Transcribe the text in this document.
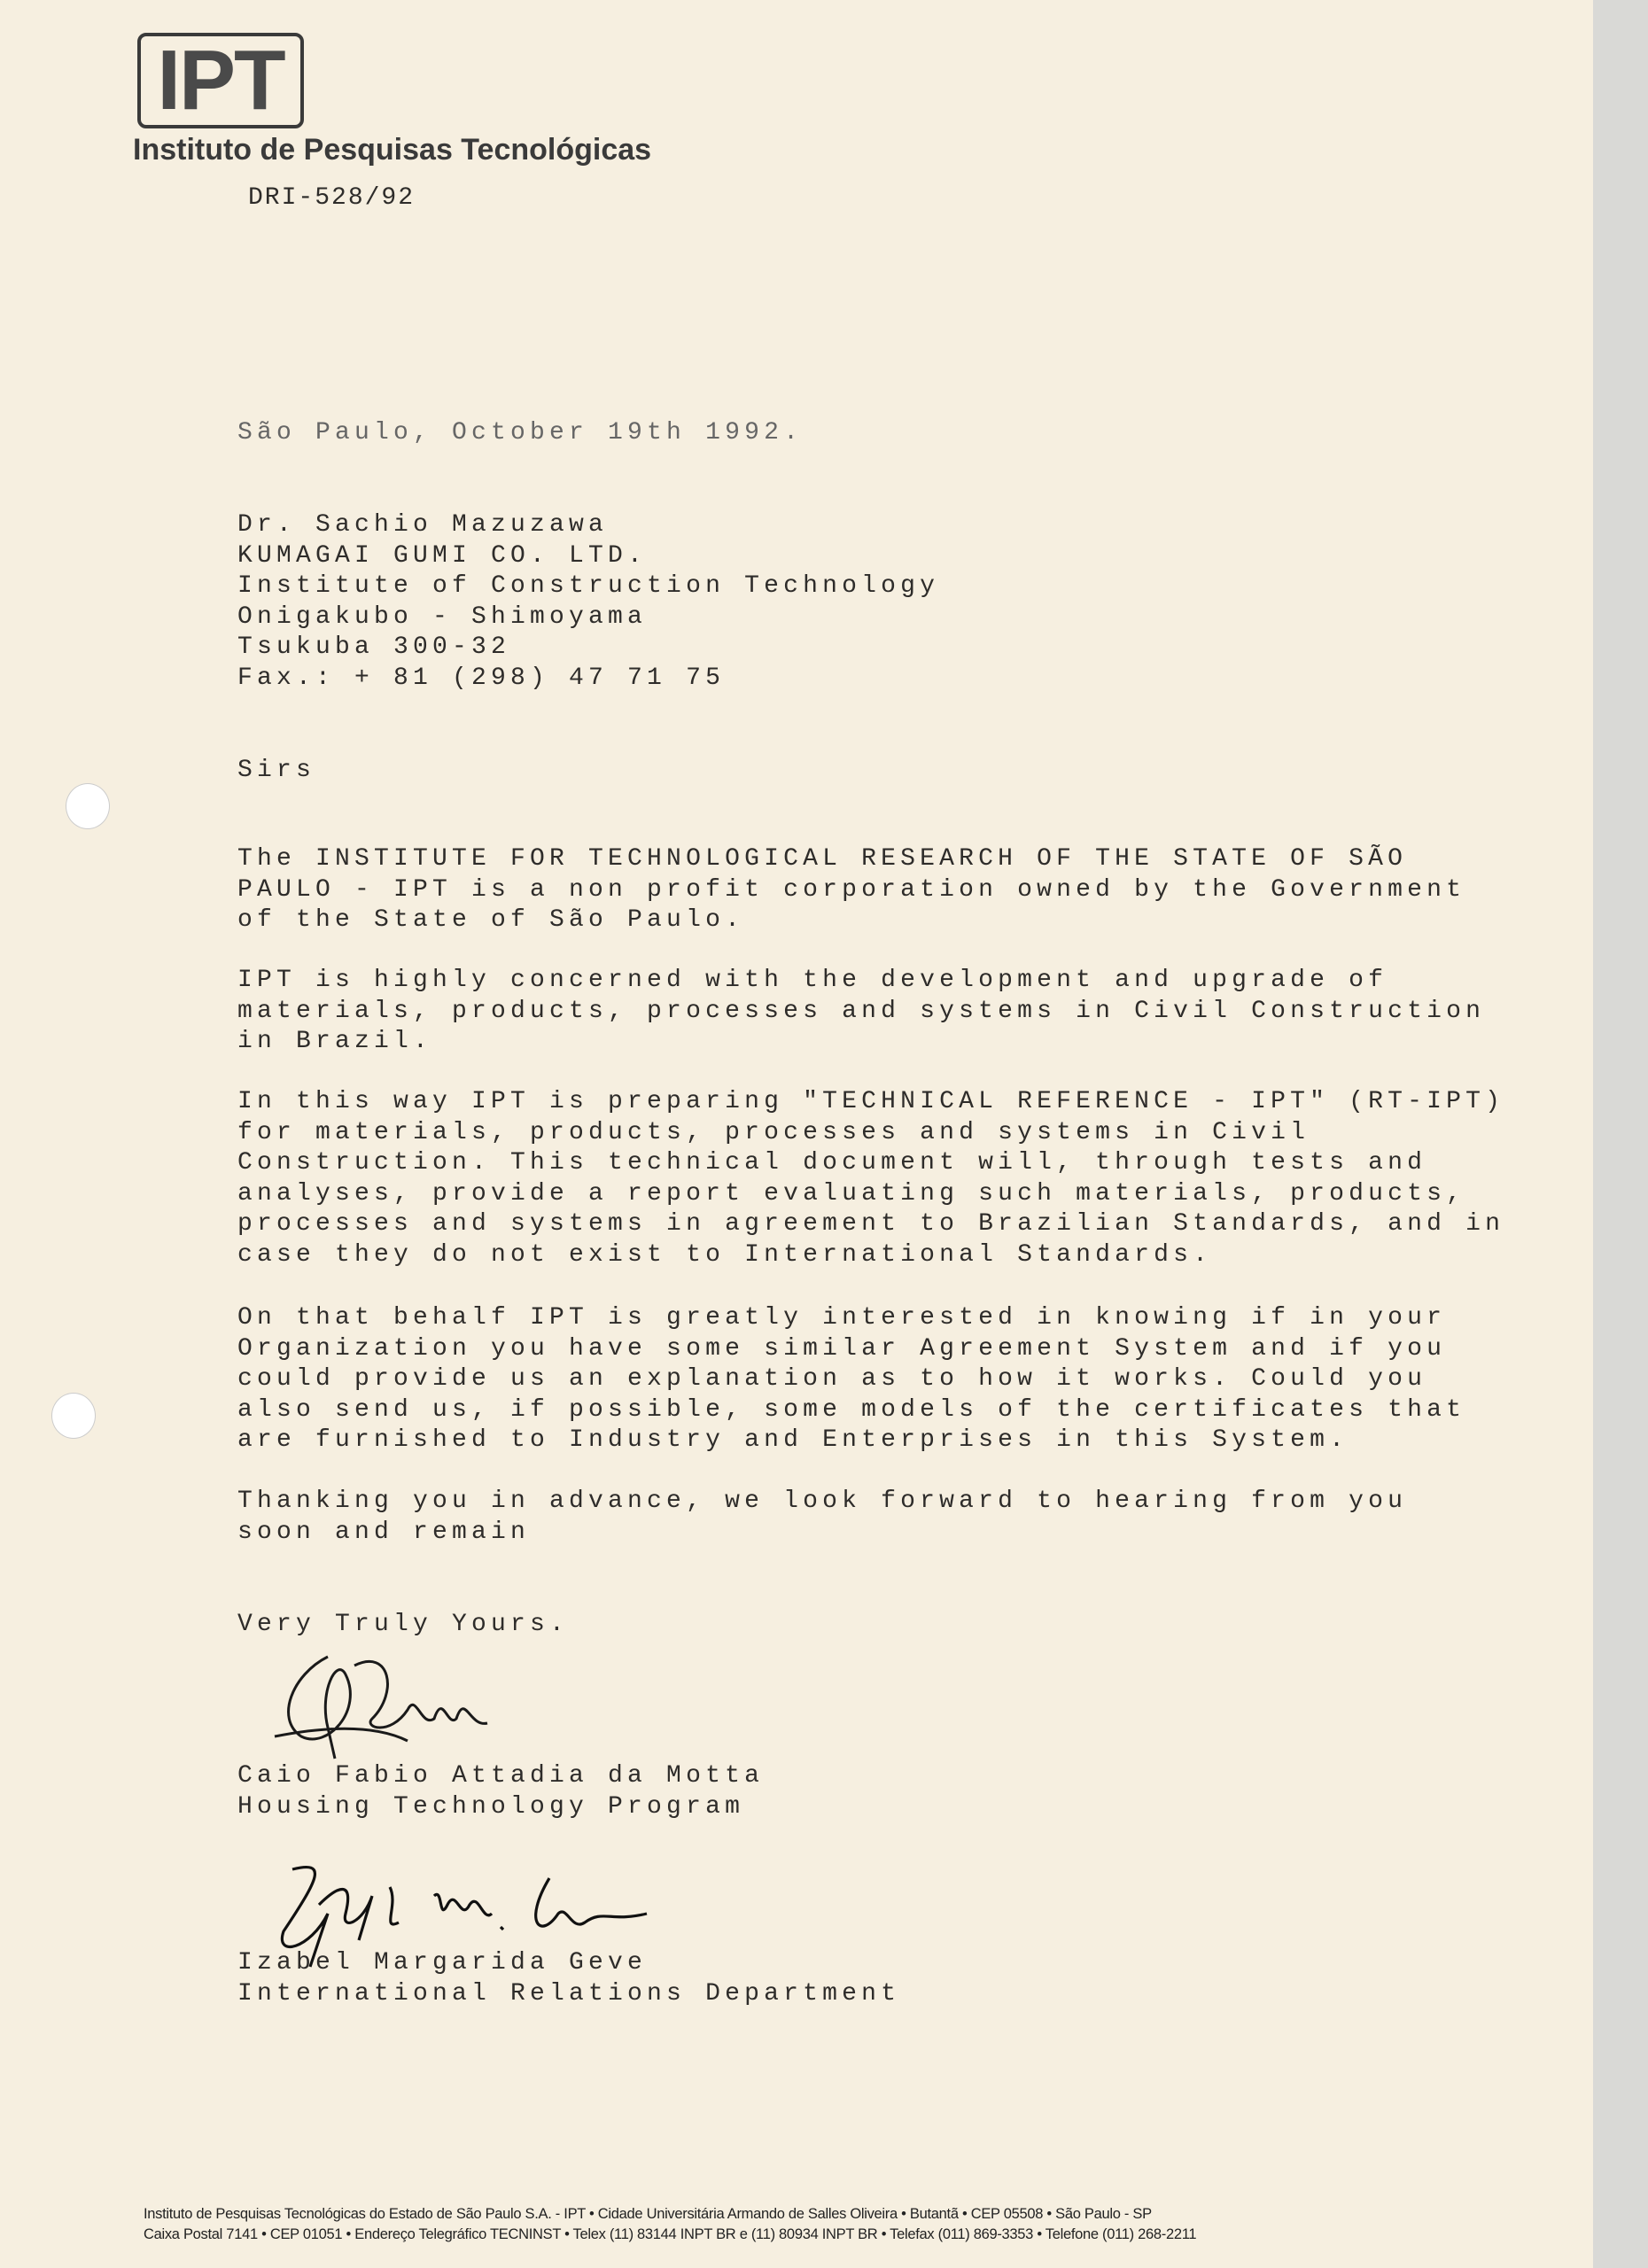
IPT
Instituto de Pesquisas Tecnológicas
DRI-528/92
São Paulo, October 19th 1992.
Dr. Sachio Mazuzawa
KUMAGAI GUMI CO. LTD.
Institute of Construction Technology
Onigakubo - Shimoyama
Tsukuba 300-32
Fax.: + 81 (298) 47 71 75
Sirs
The INSTITUTE FOR TECHNOLOGICAL RESEARCH OF THE STATE OF SÃO
PAULO - IPT is a non profit corporation owned by the Government
of the State of São Paulo.
IPT is highly concerned with the development and upgrade of
materials, products, processes and systems in Civil Construction
in Brazil.
In this way IPT is preparing "TECHNICAL REFERENCE - IPT" (RT-IPT)
for materials, products, processes and systems in Civil
Construction. This technical document will, through tests and
analyses, provide a report evaluating such materials, products,
processes and systems in agreement to Brazilian Standards, and in
case they do not exist to International Standards.
On that behalf IPT is greatly interested in knowing if in your
Organization you have some similar Agreement System and if you
could provide us an explanation as to how it works. Could you
also send us, if possible, some models of the certificates that
are furnished to Industry and Enterprises in this System.
Thanking you in advance, we look forward to hearing from you
soon and remain
Very Truly Yours.
Caio Fabio Attadia da Motta
Housing Technology Program
Izabel Margarida Geve
International Relations Department
Instituto de Pesquisas Tecnológicas do Estado de São Paulo S.A. - IPT • Cidade Universitária Armando de Salles Oliveira • Butantã • CEP 05508 • São Paulo - SP
Caixa Postal 7141 • CEP 01051 • Endereço Telegráfico TECNINST • Telex (11) 83144 INPT BR e (11) 80934 INPT BR • Telefax (011) 869-3353 • Telefone (011) 268-2211
